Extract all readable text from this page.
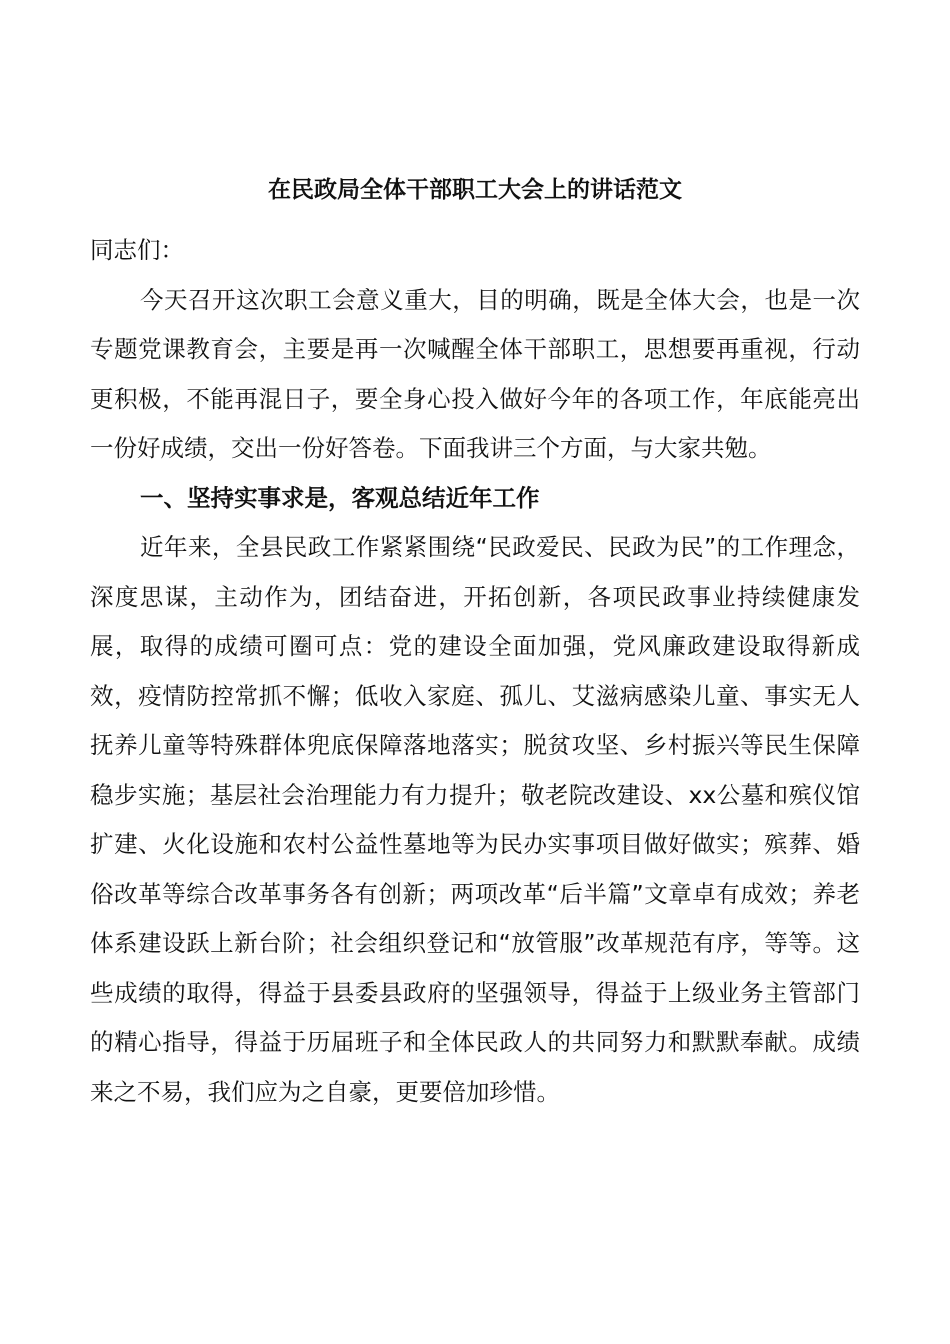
在民政局全体干部职工大会上的讲话范文

同志们：

今天召开这次职工会意义重大，目的明确，既是全体大会，也是一次专题党课教育会，主要是再一次喊醒全体干部职工，思想要再重视，行动更积极，不能再混日子，要全身心投入做好今年的各项工作，年底能亮出一份好成绩，交出一份好答卷。下面我讲三个方面，与大家共勉。

一、坚持实事求是，客观总结近年工作

近年来，全县民政工作紧紧围绕“民政爱民、民政为民”的工作理念，深度思谋，主动作为，团结奋进，开拓创新，各项民政事业持续健康发展，取得的成绩可圈可点：党的建设全面加强，党风廉政建设取得新成效，疫情防控常抓不懈；低收入家庭、孤儿、艾滋病感染儿童、事实无人抚养儿童等特殊群体兜底保障落地落实；脱贫攻坚、乡村振兴等民生保障稳步实施；基层社会治理能力有力提升；敬老院改建设、xx公墓和殡仪馆扩建、火化设施和农村公益性墓地等为民办实事项目做好做实；殡葬、婚俗改革等综合改革事务各有创新；两项改革“后半篇”文章卓有成效；养老体系建设跃上新台阶；社会组织登记和“放管服”改革规范有序，等等。这些成绩的取得，得益于县委县政府的坚强领导，得益于上级业务主管部门的精心指导，得益于历届班子和全体民政人的共同努力和默默奉献。成绩来之不易，我们应为之自豪，更要倍加珍惜。
